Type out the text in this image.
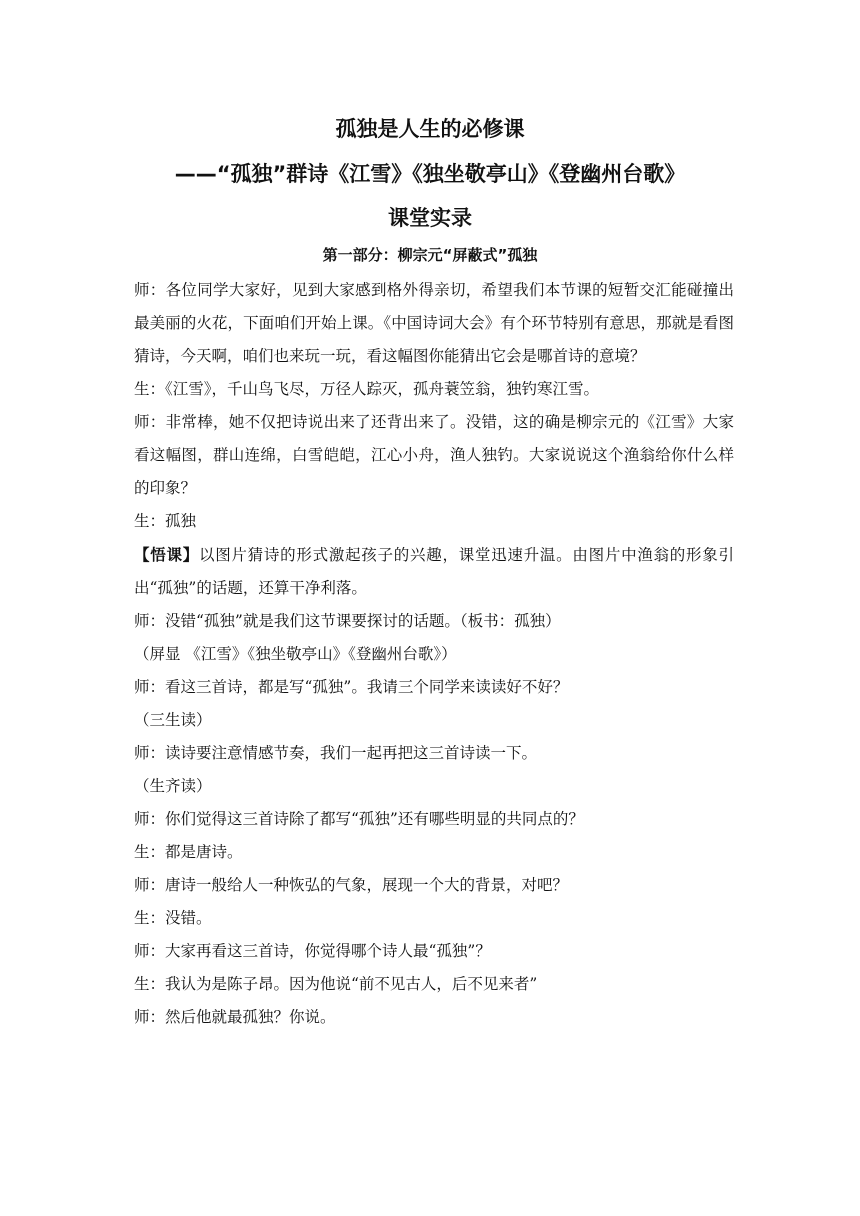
孤独是人生的必修课
——“孤独”群诗《江雪》《独坐敬亭山》《登幽州台歌》
课堂实录
第一部分：柳宗元“屏蔽式”孤独

师：各位同学大家好，见到大家感到格外得亲切，希望我们本节课的短暂交汇能碰撞出最美丽的火花，下面咱们开始上课。《中国诗词大会》有个环节特别有意思，那就是看图猜诗，今天啊，咱们也来玩一玩，看这幅图你能猜出它会是哪首诗的意境？

生：《江雪》，千山鸟飞尽，万径人踪灭，孤舟蓑笠翁，独钓寒江雪。

师：非常棒，她不仅把诗说出来了还背出来了。没错，这的确是柳宗元的《江雪》大家看这幅图，群山连绵，白雪皑皑，江心小舟，渔人独钓。大家说说这个渔翁给你什么样的印象？

生：孤独

【悟课】以图片猜诗的形式激起孩子的兴趣，课堂迅速升温。由图片中渔翁的形象引出“孤独”的话题，还算干净利落。

师：没错“孤独”就是我们这节课要探讨的话题。（板书：孤独）

（屏显 《江雪》《独坐敬亭山》《登幽州台歌》）

师：看这三首诗，都是写“孤独”。我请三个同学来读读好不好？

（三生读）

师：读诗要注意情感节奏，我们一起再把这三首诗读一下。

（生齐读）

师：你们觉得这三首诗除了都写“孤独”还有哪些明显的共同点的？

生：都是唐诗。

师：唐诗一般给人一种恢弘的气象，展现一个大的背景，对吧？

生：没错。

师：大家再看这三首诗，你觉得哪个诗人最“孤独”？

生：我认为是陈子昂。因为他说“前不见古人，后不见来者”

师：然后他就最孤独？你说。
